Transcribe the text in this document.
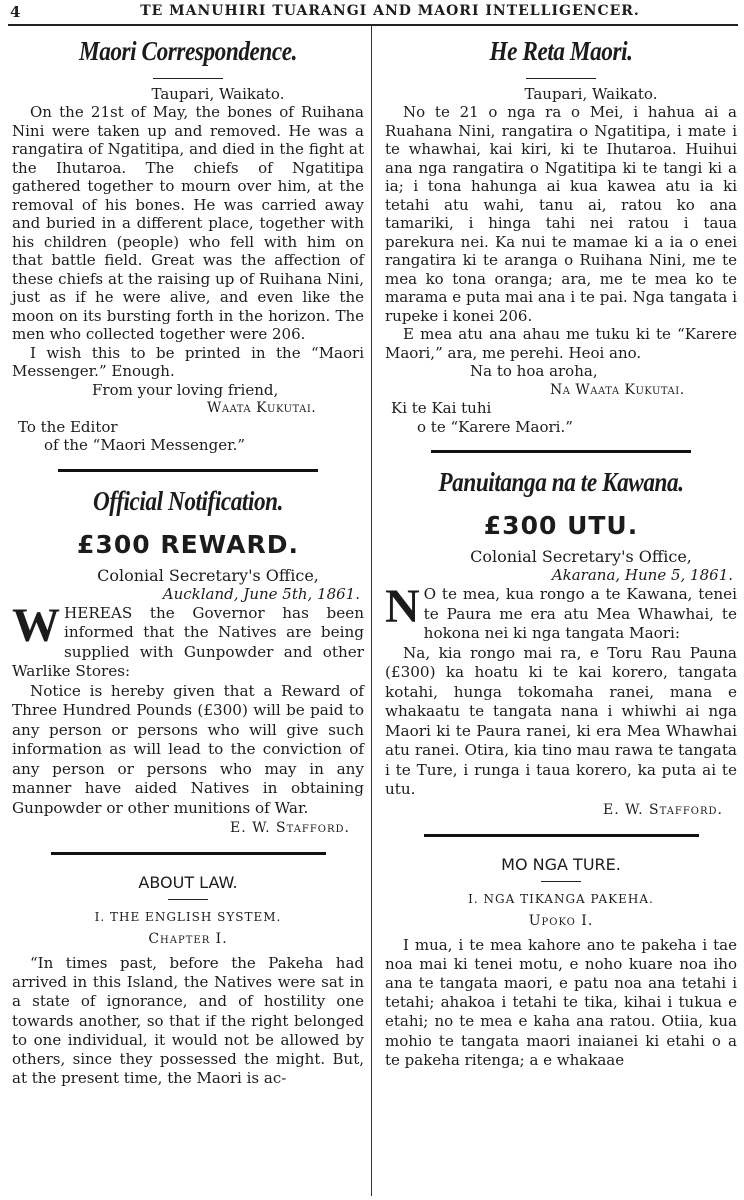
4	TE MANUHIRI TUARANGI AND MAORI INTELLIGENCER.
Maori Correspondence.
Taupari, Waikato.

On the 21st of May, the bones of Ruihana Nini were taken up and removed. He was a rangatira of Ngatitipa, and died in the fight at the Ihutaroa. The chiefs of Ngatitipa gathered together to mourn over him, at the removal of his bones. He was carried away and buried in a different place, together with his children (people) who fell with him on that battle field. Great was the affection of these chiefs at the raising up of Ruihana Nini, just as if he were alive, and even like the moon on its bursting forth in the horizon. The men who collected together were 206.

I wish this to be printed in the “Maori Messenger.” Enough.

From your loving friend,
Waata Kukutai.
To the Editor
of the “Maori Messenger.”
Official Notification.
£300 REWARD.
Colonial Secretary's Office,
Auckland, June 5th, 1861.

WHEREAS the Governor has been informed that the Natives are being supplied with Gunpowder and other Warlike Stores:

Notice is hereby given that a Reward of Three Hundred Pounds (£300) will be paid to any person or persons who will give such information as will lead to the conviction of any person or persons who may in any manner have aided Natives in obtaining Gunpowder or other munitions of War.

E. W. Stafford.
ABOUT LAW.
I. THE ENGLISH SYSTEM.
Chapter I.

“In times past, before the Pakeha had arrived in this Island, the Natives were sat in a state of ignorance, and of hostility one towards another, so that if the right belonged to one individual, it would not be allowed by others, since they possessed the might. But, at the present time, the Maori is ac-

He Reta Maori.
Taupari, Waikato.

No te 21 o nga ra o Mei, i hahua ai a Ruahana Nini, rangatira o Ngatitipa, i mate i te whawhai, kai kiri, ki te Ihutaroa. Huihui ana nga rangatira o Ngatitipa ki te tangi ki a ia; i tona hahunga ai kua kawea atu ia ki tetahi atu wahi, tanu ai, ratou ko ana tamariki, i hinga tahi nei ratou i taua parekura nei. Ka nui te mamae ki a ia o enei rangatira ki te aranga o Ruihana Nini, me te mea ko tona oranga; ara, me te mea ko te marama e puta mai ana i te pai. Nga tangata i rupeke i konei 206.

E mea atu ana ahau me tuku ki te “Karere Maori,” ara, me perehi. Heoi ano.

Na to hoa aroha,
Na Waata Kukutai.
Ki te Kai tuhi
o te “Karere Maori.”
Panuitanga na te Kawana.
£300 UTU.
Colonial Secretary's Office,
Akarana, Hune 5, 1861.

N O te mea, kua rongo a te Kawana, tenei te Paura me era atu Mea Whawhai, te hokona nei ki nga tangata Maori:

Na, kia rongo mai ra, e Toru Rau Pauna (£300) ka hoatu ki te kai korero, tangata kotahi, hunga tokomaha ranei, mana e whakaatu te tangata nana i whiwhi ai nga Maori ki te Paura ranei, ki era Mea Whawhai atu ranei. Otira, kia tino mau rawa te tangata i te Ture, i runga i taua korero, ka puta ai te utu.

E. W. Stafford.
MO NGA TURE.
I. NGA TIKANGA PAKEHA.
Upoko I.

I mua, i te mea kahore ano te pakeha i tae noa mai ki tenei motu, e noho kuare noa iho ana te tangata maori, e patu noa ana tetahi i tetahi; ahakoa i tetahi te tika, kihai i tukua e etahi; no te mea e kaha ana ratou. Otiia, kua mohio te tangata maori inaianei ki etahi o a te pakeha ritenga; a e whakaae
